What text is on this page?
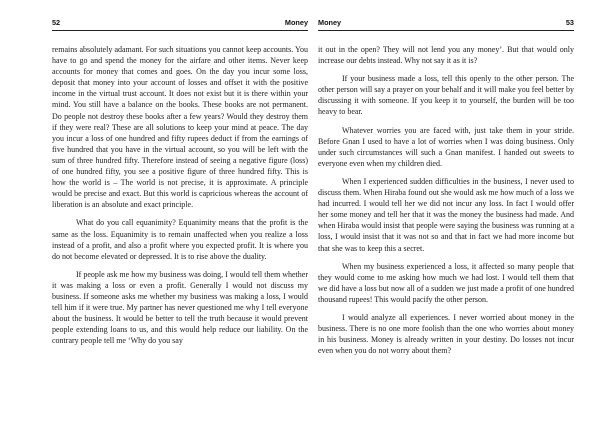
52	Money

remains absolutely adamant. For such situations you cannot keep accounts. You have to go and spend the money for the airfare and other items. Never keep accounts for money that comes and goes. On the day you incur some loss, deposit that money into your account of losses and offset it with the positive income in the virtual trust account. It does not exist but it is there within your mind. You still have a balance on the books. These books are not permanent. Do people not destroy these books after a few years? Would they destroy them if they were real? These are all solutions to keep your mind at peace. The day you incur a loss of one hundred and fifty rupees deduct if from the earnings of five hundred that you have in the virtual account, so you will be left with the sum of three hundred fifty. Therefore instead of seeing a negative figure (loss) of one hundred fifty, you see a positive figure of three hundred fifty. This is how the world is – The world is not precise, it is approximate. A principle would be precise and exact. But this world is capricious whereas the account of liberation is an absolute and exact principle.

What do you call equanimity? Equanimity means that the profit is the same as the loss. Equanimity is to remain unaffected when you realize a loss instead of a profit, and also a profit where you expected profit. It is where you do not become elevated or depressed. It is to rise above the duality.

If people ask me how my business was doing, I would tell them whether it was making a loss or even a profit. Generally I would not discuss my business. If someone asks me whether my business was making a loss, I would tell him if it were true. My partner has never questioned me why I tell everyone about the business. It would be better to tell the truth because it would prevent people extending loans to us, and this would help reduce our liability. On the contrary people tell me ‘Why do you say

Money	53

it out in the open? They will not lend you any money’. But that would only increase our debts instead. Why not say it as it is?

If your business made a loss, tell this openly to the other person. The other person will say a prayer on your behalf and it will make you feel better by discussing it with someone. If you keep it to yourself, the burden will be too heavy to bear.

Whatever worries you are faced with, just take them in your stride. Before Gnan I used to have a lot of worries when I was doing business. Only under such circumstances will such a Gnan manifest. I handed out sweets to everyone even when my children died.

When I experienced sudden difficulties in the business, I never used to discuss them. When Hiraba found out she would ask me how much of a loss we had incurred. I would tell her we did not incur any loss. In fact I would offer her some money and tell her that it was the money the business had made. And when Hiraba would insist that people were saying the business was running at a loss, I would insist that it was not so and that in fact we had more income but that she was to keep this a secret.

When my business experienced a loss, it affected so many people that they would come to me asking how much we had lost. I would tell them that we did have a loss but now all of a sudden we just made a profit of one hundred thousand rupees! This would pacify the other person.

I would analyze all experiences. I never worried about money in the business. There is no one more foolish than the one who worries about money in his business. Money is already written in your destiny. Do losses not incur even when you do not worry about them?
